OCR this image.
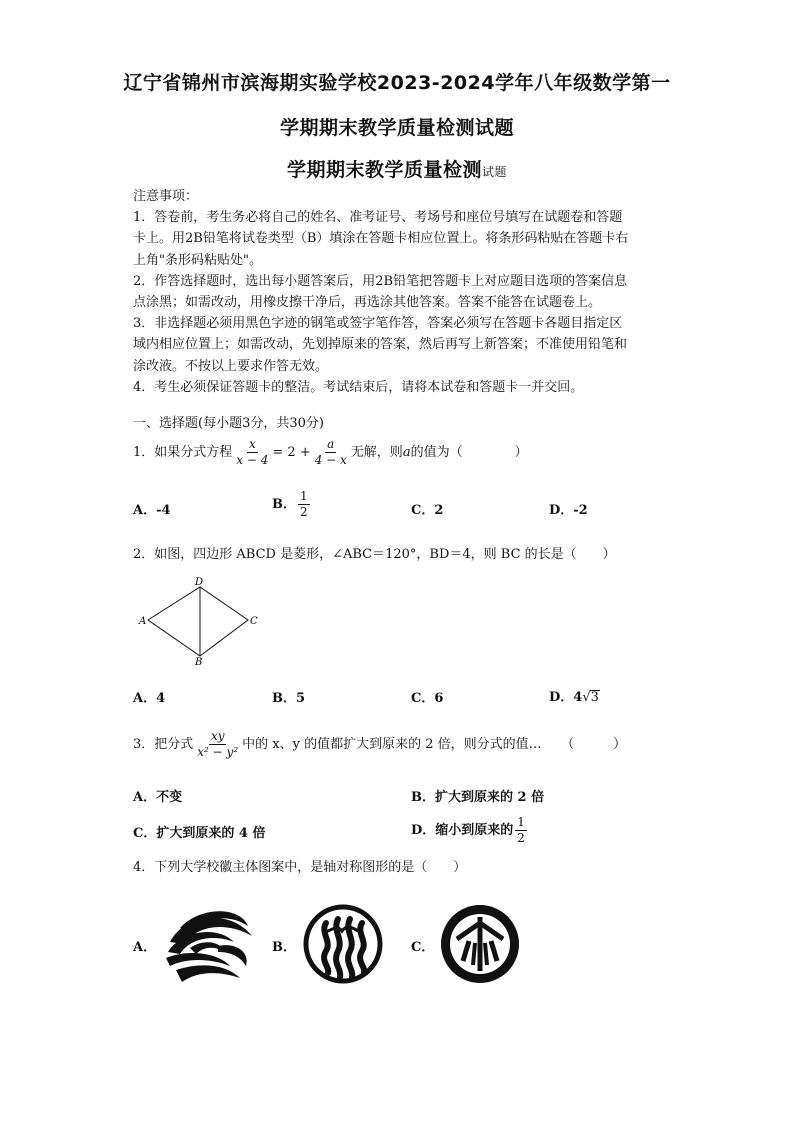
辽宁省锦州市滨海期实验学校2023-2024学年八年级数学第一
学期期末教学质量检测试题
学期期末教学质量检测试题
注意事项：
1．答卷前，考生务必将自己的姓名、准考证号、考场号和座位号填写在试题卷和答题
卡上。用2B铅笔将试卷类型（B）填涂在答题卡相应位置上。将条形码粘贴在答题卡右
上角"条形码粘贴处"。
2．作答选择题时，选出每小题答案后，用2B铅笔把答题卡上对应题目选项的答案信息
点涂黑；如需改动，用橡皮擦干净后，再选涂其他答案。答案不能答在试题卷上。
3．非选择题必须用黑色字迹的钢笔或签字笔作答，答案必须写在答题卡各题目指定区
域内相应位置上；如需改动，先划掉原来的答案，然后再写上新答案；不准使用铅笔和
涂改液。不按以上要求作答无效。
4．考生必须保证答题卡的整洁。考试结束后，请将本试卷和答题卡一并交回。
一、选择题(每小题3分，共30分)
1．如果分式方程 $\frac{x}{x - 4} = 2 + \frac{a}{4 - x}$ 无解，则a的值为（　　　　）
A．-4	B． $\frac{1}{2}$	C．2	D．-2
2．如图，四边形 ABCD 是菱形，∠ABC＝120°，BD＝4，则 BC 的长是（　　）
A
D
C
B
A．4	B．5	C．6	D．4√3
3．把分式 $\frac{xy}{\text{x² − y²}}$ 中的 x、y 的值都扩大到原来的 2 倍，则分式的值…　　（　　　）
A．不变	B．扩大到原来的 2 倍
C．扩大到原来的 4 倍	D．缩小到原来的 $\frac{1}{2}$
4．下列大学校徽主体图案中，是轴对称图形的是（　　）
A．	B．	C．
